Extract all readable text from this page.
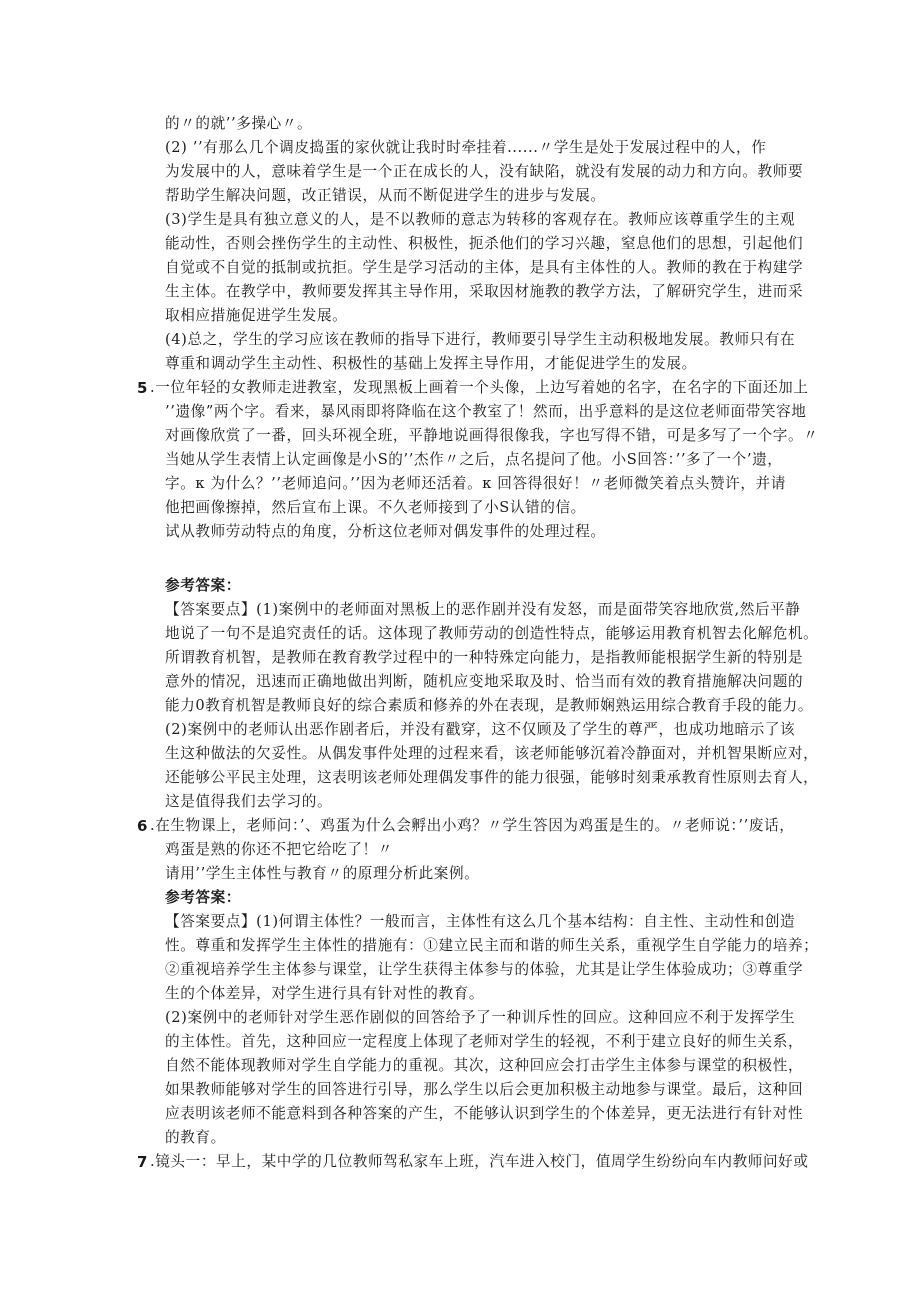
的〃的就’’多操心〃。
(2) ’’有那么几个调皮捣蛋的家伙就让我时时牵挂着......〃学生是处于发展过程中的人，作
为发展中的人，意味着学生是一个正在成长的人，没有缺陷，就没有发展的动力和方向。教师要
帮助学生解决问题，改正错误，从而不断促进学生的进步与发展。
(3)学生是具有独立意义的人，是不以教师的意志为转移的客观存在。教师应该尊重学生的主观
能动性，否则会挫伤学生的主动性、积极性，扼杀他们的学习兴趣，窒息他们的思想，引起他们
自觉或不自觉的抵制或抗拒。学生是学习活动的主体，是具有主体性的人。教师的教在于构建学
生主体。在教学中，教师要发挥其主导作用，采取因材施教的教学方法，了解研究学生，进而采
取相应措施促进学生发展。
(4)总之，学生的学习应该在教师的指导下进行，教师要引导学生主动积极地发展。教师只有在
尊重和调动学生主动性、积极性的基础上发挥主导作用，才能促进学生的发展。
5 .一位年轻的女教师走进教室，发现黑板上画着一个头像，上边写着她的名字，在名字的下面还加上
’’遗像”两个字。看来，暴风雨即将降临在这个教室了！然而，出乎意料的是这位老师面带笑容地
对画像欣赏了一番，回头环视全班，平静地说画得很像我，字也写得不错，可是多写了一个字。〃
当她从学生表情上认定画像是小S的’’杰作〃之后，点名提问了他。小S回答：’’多了一个’遗，
字。κ 为什么？’’老师追问。’’因为老师还活着。κ 回答得很好！〃老师微笑着点头赞许，并请
他把画像擦掉，然后宣布上课。不久老师接到了小S认错的信。
试从教师劳动特点的角度，分析这位老师对偶发事件的处理过程。
参考答案：
【答案要点】(1)案例中的老师面对黑板上的恶作剧并没有发怒，而是面带笑容地欣赏,然后平静
地说了一句不是追究责任的话。这体现了教师劳动的创造性特点，能够运用教育机智去化解危机。
所谓教育机智，是教师在教育教学过程中的一种特殊定向能力，是指教师能根据学生新的特别是
意外的情况，迅速而正确地做出判断，随机应变地采取及时、恰当而有效的教育措施解决问题的
能力0教育机智是教师良好的综合素质和修养的外在表现，是教师娴熟运用综合教育手段的能力。
(2)案例中的老师认出恶作剧者后，并没有戳穿，这不仅顾及了学生的尊严，也成功地暗示了该
生这种做法的欠妥性。从偶发事件处理的过程来看，该老师能够沉着冷静面对，并机智果断应对，
还能够公平民主处理，这表明该老师处理偶发事件的能力很强，能够时刻秉承教育性原则去育人，
这是值得我们去学习的。
6 .在生物课上，老师问：’、鸡蛋为什么会孵出小鸡？〃学生答因为鸡蛋是生的。〃老师说：’’废话，
鸡蛋是熟的你还不把它给吃了！〃
请用’’学生主体性与教育〃的原理分析此案例。
参考答案：
【答案要点】(1)何谓主体性？一般而言，主体性有这么几个基本结构：自主性、主动性和创造
性。尊重和发挥学生主体性的措施有：①建立民主而和谐的师生关系，重视学生自学能力的培养；
②重视培养学生主体参与课堂，让学生获得主体参与的体验，尤其是让学生体验成功；③尊重学
生的个体差异，对学生进行具有针对性的教育。
(2)案例中的老师针对学生恶作剧似的回答给予了一种训斥性的回应。这种回应不利于发挥学生
的主体性。首先，这种回应一定程度上体现了老师对学生的轻视，不利于建立良好的师生关系，
自然不能体现教师对学生自学能力的重视。其次，这种回应会打击学生主体参与课堂的积极性，
如果教师能够对学生的回答进行引导，那么学生以后会更加积极主动地参与课堂。最后，这种回
应表明该老师不能意料到各种答案的产生，不能够认识到学生的个体差异，更无法进行有针对性
的教育。
7 .镜头一：早上，某中学的几位教师驾私家车上班，汽车进入校门，值周学生纷纷向车内教师问好或
